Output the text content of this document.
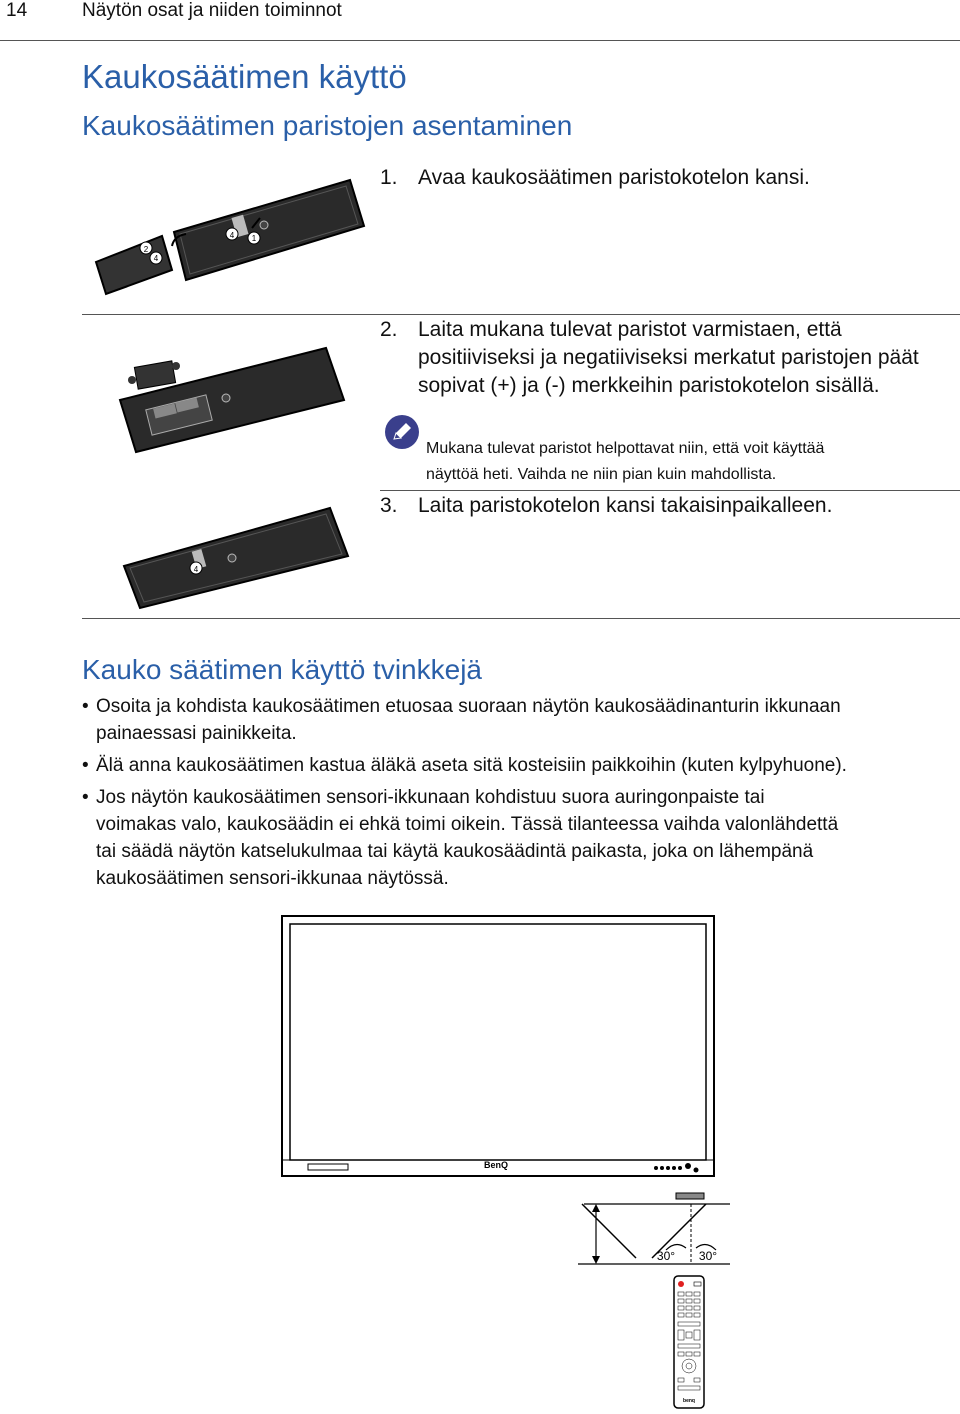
14	Näytön osat ja niiden toiminnot
Kaukosäätimen käyttö
Kaukosäätimen paristojen asentaminen
1. Avaa kaukosäätimen paristokotelon kansi.
4 1
2
4
2. Laita mukana tulevat paristot varmistaen, että
positiiviseksi ja negatiiviseksi merkatut paristojen päät
sopivat (+) ja (-) merkkeihin paristokotelon sisällä.
Mukana tulevat paristot helpottavat niin, että voit käyttää
näyttöä heti. Vaihda ne niin pian kuin mahdollista.
3. Laita paristokotelon kansi takaisinpaikalleen.
4
Kauko säätimen käyttö tvinkkejä
• Osoita ja kohdista kaukosäätimen etuosaa suoraan näytön kaukosäädinanturin ikkunaan
painaessasi painikkeita.
• Älä anna kaukosäätimen kastua äläkä aseta sitä kosteisiin paikkoihin (kuten kylpyhuone).
• Jos näytön kaukosäätimen sensori-ikkunaan kohdistuu suora auringonpaiste tai
voimakas valo, kaukosäädin ei ehkä toimi oikein. Tässä tilanteessa vaihda valonlähdettä
tai säädä näytön katselukulmaa tai käytä kaukosäädintä paikasta, joka on lähempänä
kaukosäätimen sensori-ikkunaa näytössä.
BenQ
30° 30°
benq
